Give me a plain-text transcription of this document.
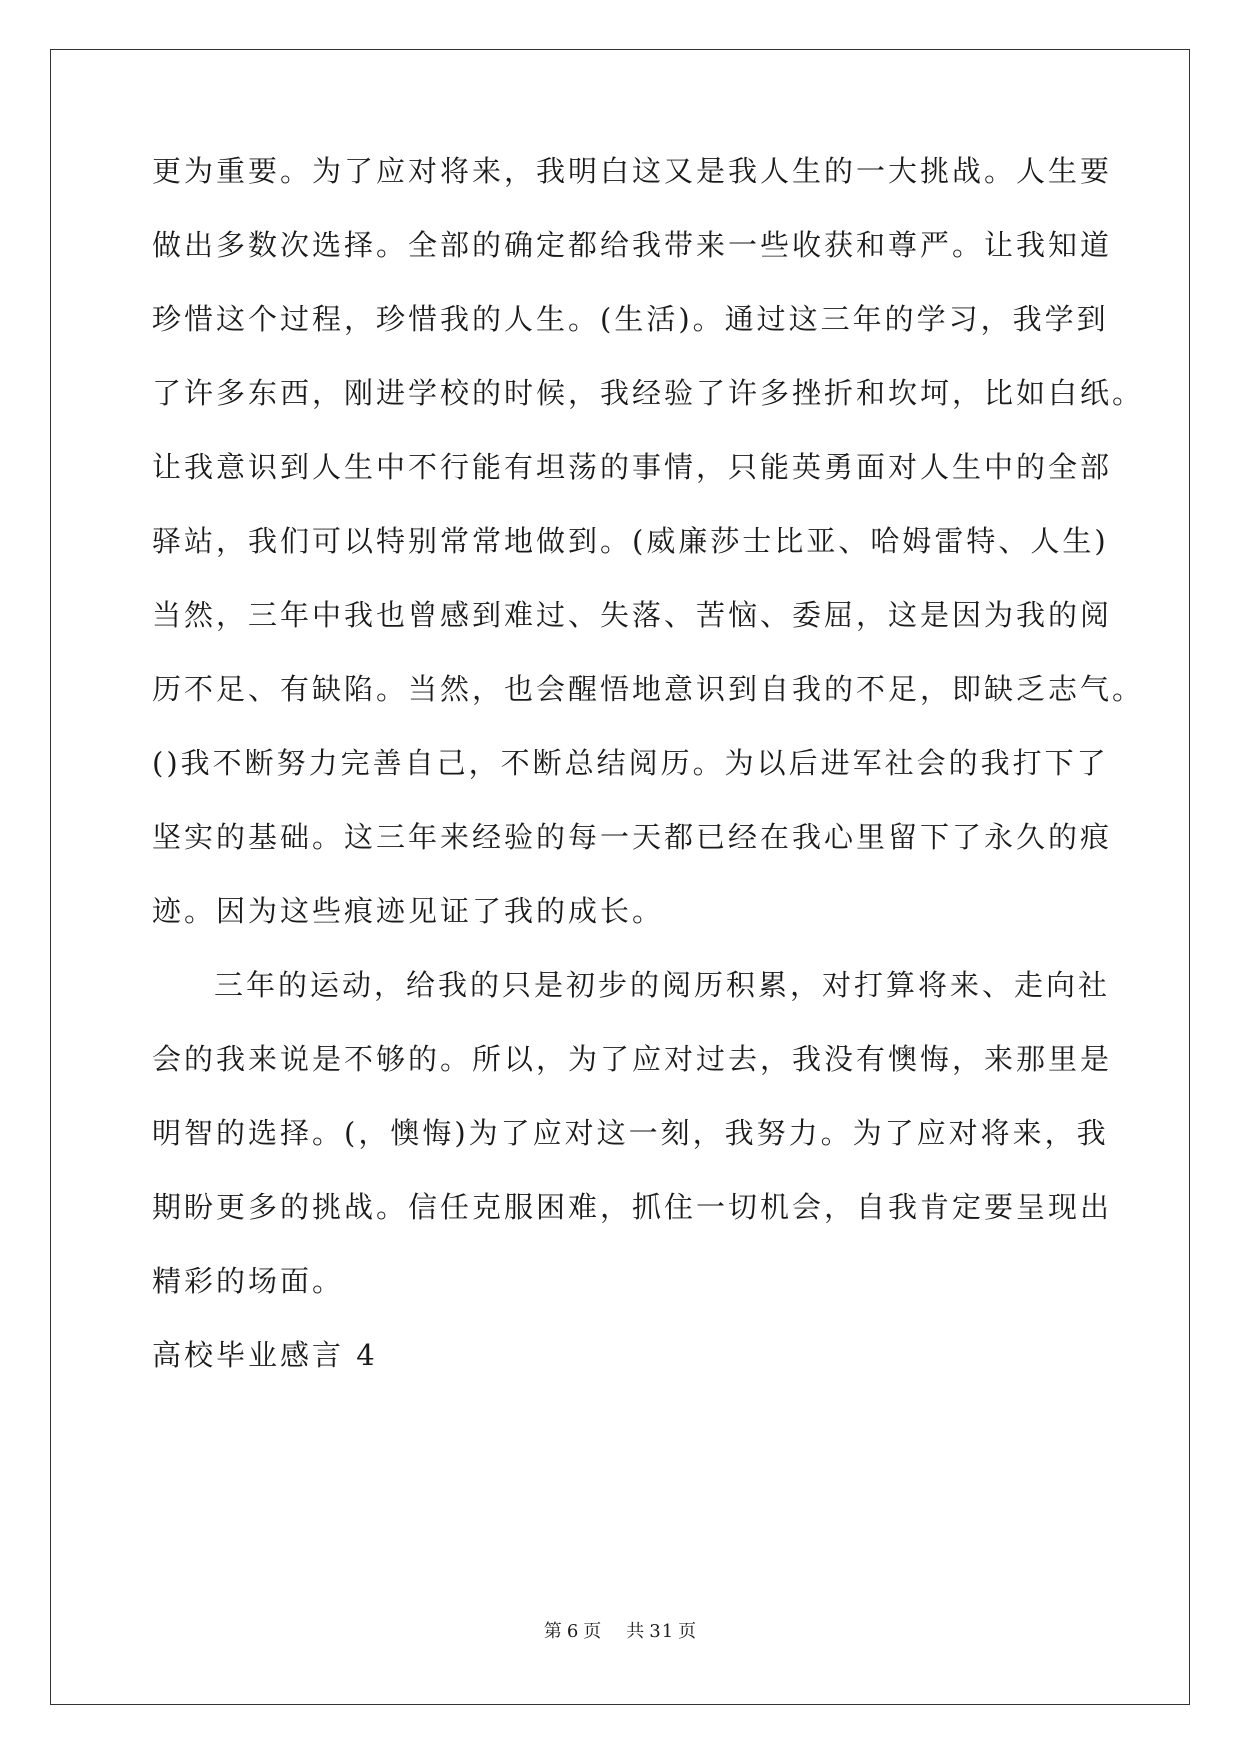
更为重要。为了应对将来，我明白这又是我人生的一大挑战。人生要
做出多数次选择。全部的确定都给我带来一些收获和尊严。让我知道
珍惜这个过程，珍惜我的人生。(生活)。通过这三年的学习，我学到
了许多东西，刚进学校的时候，我经验了许多挫折和坎坷，比如白纸。
让我意识到人生中不行能有坦荡的事情，只能英勇面对人生中的全部
驿站，我们可以特别常常地做到。(威廉莎士比亚、哈姆雷特、人生)
当然，三年中我也曾感到难过、失落、苦恼、委屈，这是因为我的阅
历不足、有缺陷。当然，也会醒悟地意识到自我的不足，即缺乏志气。
()我不断努力完善自己，不断总结阅历。为以后进军社会的我打下了
坚实的基础。这三年来经验的每一天都已经在我心里留下了永久的痕
迹。因为这些痕迹见证了我的成长。
三年的运动，给我的只是初步的阅历积累，对打算将来、走向社
会的我来说是不够的。所以，为了应对过去，我没有懊悔，来那里是
明智的选择。(，懊悔)为了应对这一刻，我努力。为了应对将来，我
期盼更多的挑战。信任克服困难，抓住一切机会，自我肯定要呈现出
精彩的场面。
高校毕业感言 4
第 6 页 共 31 页
